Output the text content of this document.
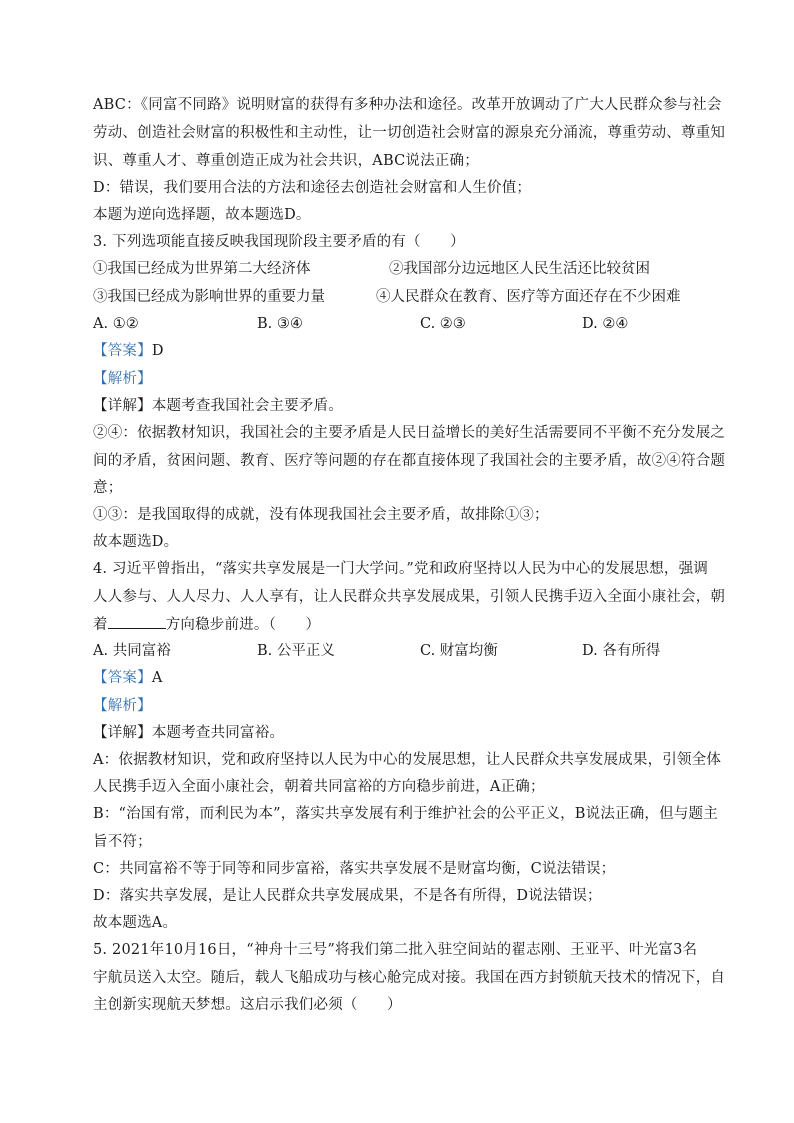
ABC：《同富不同路》说明财富的获得有多种办法和途径。改革开放调动了广大人民群众参与社会
劳动、创造社会财富的积极性和主动性，让一切创造社会财富的源泉充分涌流，尊重劳动、尊重知
识、尊重人才、尊重创造正成为社会共识，ABC说法正确；
D：错误，我们要用合法的方法和途径去创造社会财富和人生价值；
本题为逆向选择题，故本题选D。
3. 下列选项能直接反映我国现阶段主要矛盾的有（　　）
①我国已经成为世界第二大经济体	②我国部分边远地区人民生活还比较贫困
③我国已经成为影响世界的重要力量	④人民群众在教育、医疗等方面还存在不少困难
A. ①②	B. ③④	C. ②③	D. ②④
【答案】D
【解析】
【详解】本题考查我国社会主要矛盾。
②④：依据教材知识，我国社会的主要矛盾是人民日益增长的美好生活需要同不平衡不充分发展之
间的矛盾，贫困问题、教育、医疗等问题的存在都直接体现了我国社会的主要矛盾，故②④符合题
意；
①③：是我国取得的成就，没有体现我国社会主要矛盾，故排除①③；
故本题选D。
4. 习近平曾指出，“落实共享发展是一门大学问。”党和政府坚持以人民为中心的发展思想，强调
人人参与、人人尽力、人人享有，让人民群众共享发展成果，引领人民携手迈入全面小康社会，朝
着	方向稳步前进。（　　）
A. 共同富裕	B. 公平正义	C. 财富均衡	D. 各有所得
【答案】A
【解析】
【详解】本题考查共同富裕。
A：依据教材知识，党和政府坚持以人民为中心的发展思想，让人民群众共享发展成果，引领全体
人民携手迈入全面小康社会，朝着共同富裕的方向稳步前进，A正确；
B：“治国有常，而利民为本”，落实共享发展有利于维护社会的公平正义，B说法正确，但与题主
旨不符；
C：共同富裕不等于同等和同步富裕，落实共享发展不是财富均衡，C说法错误；
D：落实共享发展，是让人民群众共享发展成果，不是各有所得，D说法错误；
故本题选A。
5. 2021年10月16日，“神舟十三号”将我们第二批入驻空间站的翟志刚、王亚平、叶光富3名
宇航员送入太空。随后，载人飞船成功与核心舱完成对接。我国在西方封锁航天技术的情况下，自
主创新实现航天梦想。这启示我们必须（　　）
